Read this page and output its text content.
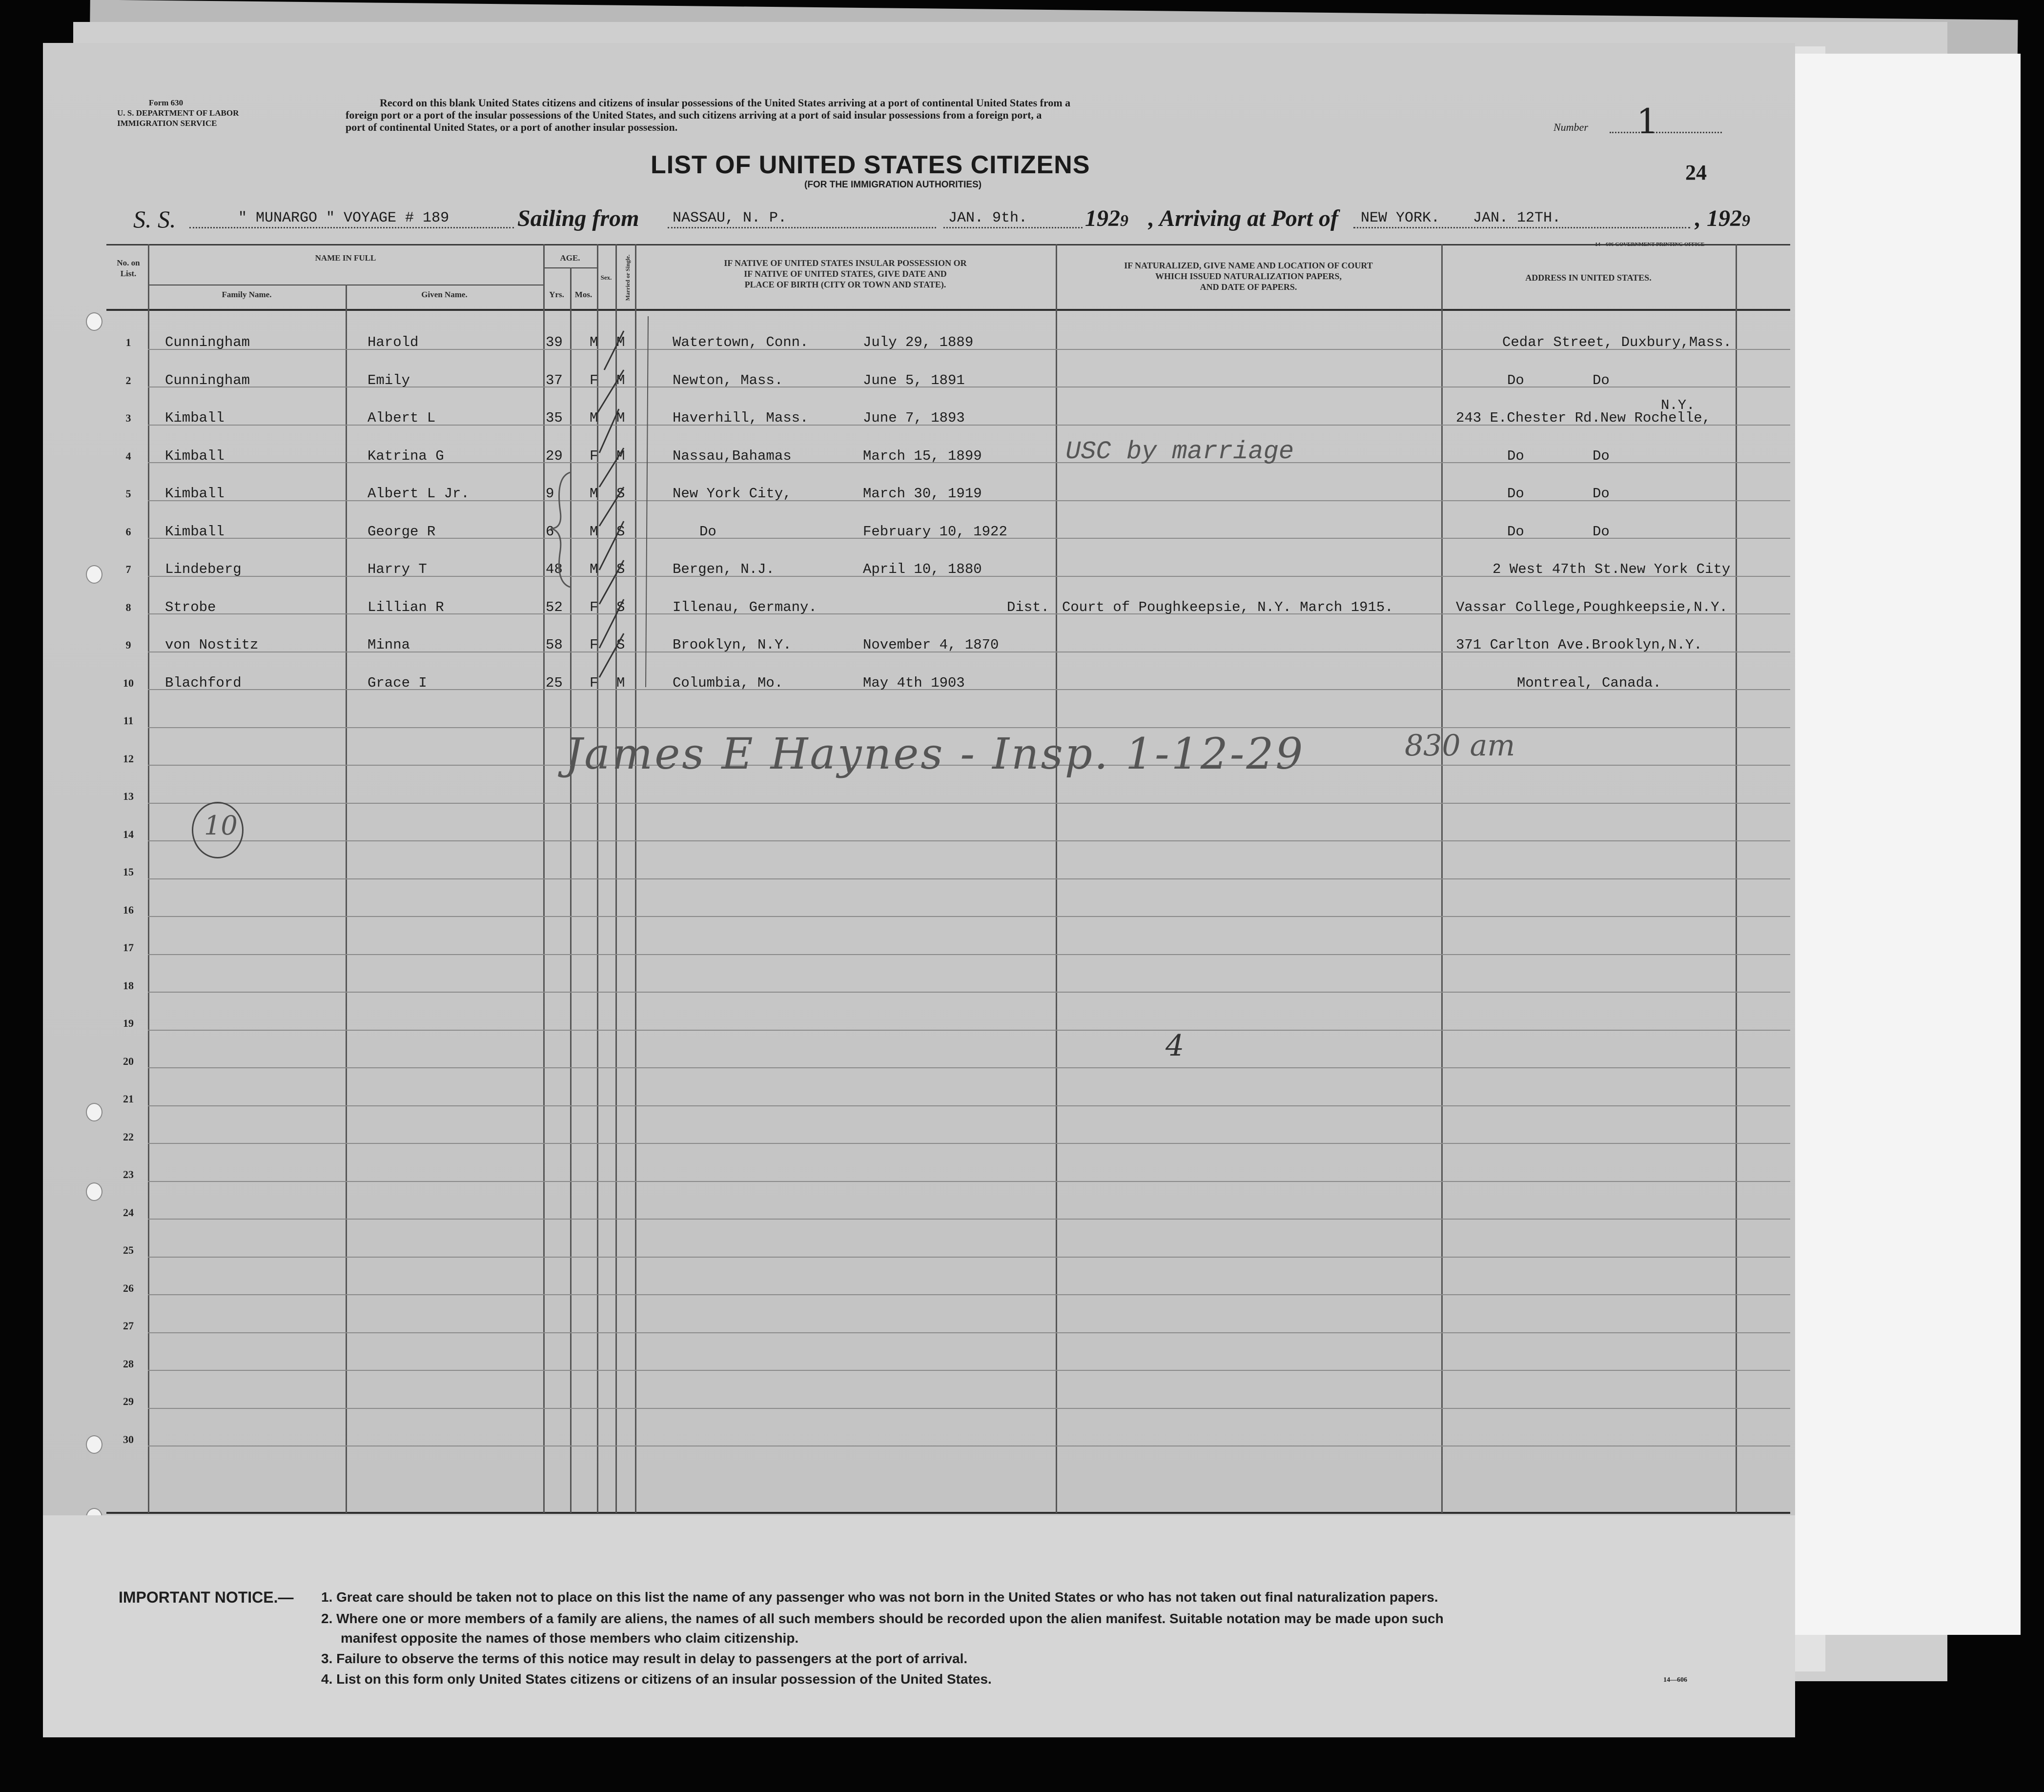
Form 630
U. S. DEPARTMENT OF LABOR
IMMIGRATION SERVICE
Record on this blank United States citizens and citizens of insular possessions of the United States arriving at a port of continental United States from a
foreign port or a port of the insular possessions of the United States, and such citizens arriving at a port of said insular possessions from a foreign port, a
port of continental United States, or a port of another insular possession.	Number 1
LIST OF UNITED STATES CITIZENS
(FOR THE IMMIGRATION AUTHORITIES)
24
S. S.	" MUNARGO " VOYAGE # 189	Sailing from NASSAU, N. P.	JAN. 9th. 1929 , Arriving at Port of NEW YORK. JAN. 12TH.	, 1929
No. on List.
NAME IN FULL
Family Name.	Given Name.
AGE.
Yrs.	Mos.
Sex.	Married or Single.	IF NATIVE OF UNITED STATES INSULAR POSSESSION OR
IF NATIVE OF UNITED STATES, GIVE DATE AND
PLACE OF BIRTH (CITY OR TOWN AND STATE).
IF NATURALIZED, GIVE NAME AND LOCATION OF COURT
WHICH ISSUED NATURALIZATION PAPERS,
AND DATE OF PAPERS.
ADDRESS IN UNITED STATES.
1	Cunningham	Harold	39 M M	Watertown, Conn.	July 29, 1889	Cedar Street, Duxbury,Mass.
2	Cunningham	Emily	37 F M	Newton, Mass.	June 5, 1891	Do	Do
3	Kimball	Albert L	35 M M	Haverhill, Mass.	June 7, 1893	243 E.Chester Rd.New Rochelle,
N.Y.
4	Kimball	Katrina G	29 F M	Nassau,Bahamas	March 15, 1899	USC by marriage	Do	Do
5	Kimball	Albert L Jr.	9	M S	New York City,	March 30, 1919	Do	Do
6	Kimball	George R	6	M S	Do	February 10, 1922	Do	Do
7	Lindeberg	Harry T	48 M S	Bergen, N.J.	April 10, 1880	2 West 47th St.New York City
8	Strobe	Lillian R	52 F S	Illenau, Germany.	Dist. Court of Poughkeepsie, N.Y. March 1915.	Vassar College,Poughkeepsie,N.Y.
9	von Nostitz	Minna	58 F S	Brooklyn, N.Y.	November 4, 1870	371 Carlton Ave.Brooklyn,N.Y.
10	Blachford	Grace I	25 F M	Columbia, Mo.	May 4th 1903	Montreal, Canada.
11
12
13
14
15
16
17
18
19
20
21
22
23
24
25
26
27
28
29
30
James E Haynes - Insp. 1-12-29	830 am
10
4
IMPORTANT NOTICE.— 1. Great care should be taken not to place on this list the name of any passenger who was not born in the United States or who has not taken out final naturalization papers.
2. Where one or more members of a family are aliens, the names of all such members should be recorded upon the alien manifest. Suitable notation may be made upon such
manifest opposite the names of those members who claim citizenship.
3. Failure to observe the terms of this notice may result in delay to passengers at the port of arrival.
4. List on this form only United States citizens or citizens of an insular possession of the United States.	14—606
